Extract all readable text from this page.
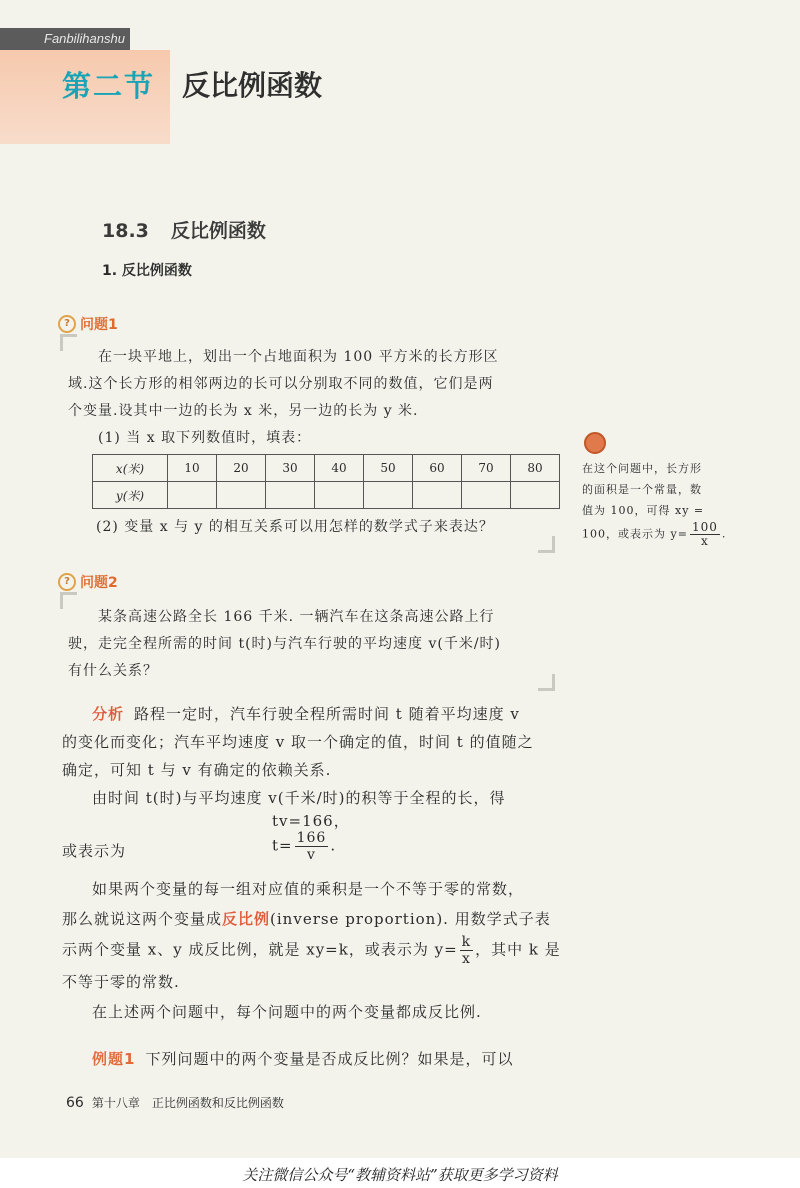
Fanbilihanshu
第二节 反比例函数
18.3 反比例函数
1. 反比例函数
? 问题1

在一块平地上，划出一个占地面积为 100 平方米的长方形区

域.这个长方形的相邻两边的长可以分别取不同的数值，它们是两

个变量.设其中一边的长为 x 米，另一边的长为 y 米.

(1) 当 x 取下列数值时，填表：

x(米)	10	20	30	40	50	60	70	80
y(米)								
(2) 变量 x 与 y 的相互关系可以用怎样的数学式子来表达？
在这个问题中，长方形
的面积是一个常量，数
值为 100，可得 xy =
100，或表示为 $y= \frac{100}{x}$ .
? 问题2

某条高速公路全长 166 千米. 一辆汽车在这条高速公路上行

驶，走完全程所需的时间 t(时)与汽车行驶的平均速度 v(千米/时)

有什么关系？

分析 路程一定时，汽车行驶全程所需时间 t 随着平均速度 v

的变化而变化；汽车平均速度 v 取一个确定的值，时间 t 的值随之

确定，可知 t 与 v 有确定的依赖关系.

由时间 t(时)与平均速度 v(千米/时)的积等于全程的长，得

tv=166，
或表示为	$t= \frac{166}{v}$ .

如果两个变量的每一组对应值的乘积是一个不等于零的常数，

那么就说这两个变量成反比例(inverse proportion). 用数学式子表

示两个变量 x、y 成反比例，就是 xy=k，或表示为 $y= \frac{k}{x}$ ，其中 k 是

不等于零的常数.

在上述两个问题中，每个问题中的两个变量都成反比例.

例题1 下列问题中的两个变量是否成反比例？如果是，可以
66 第十八章　正比例函数和反比例函数
关注微信公众号“教辅资料站”获取更多学习资料
